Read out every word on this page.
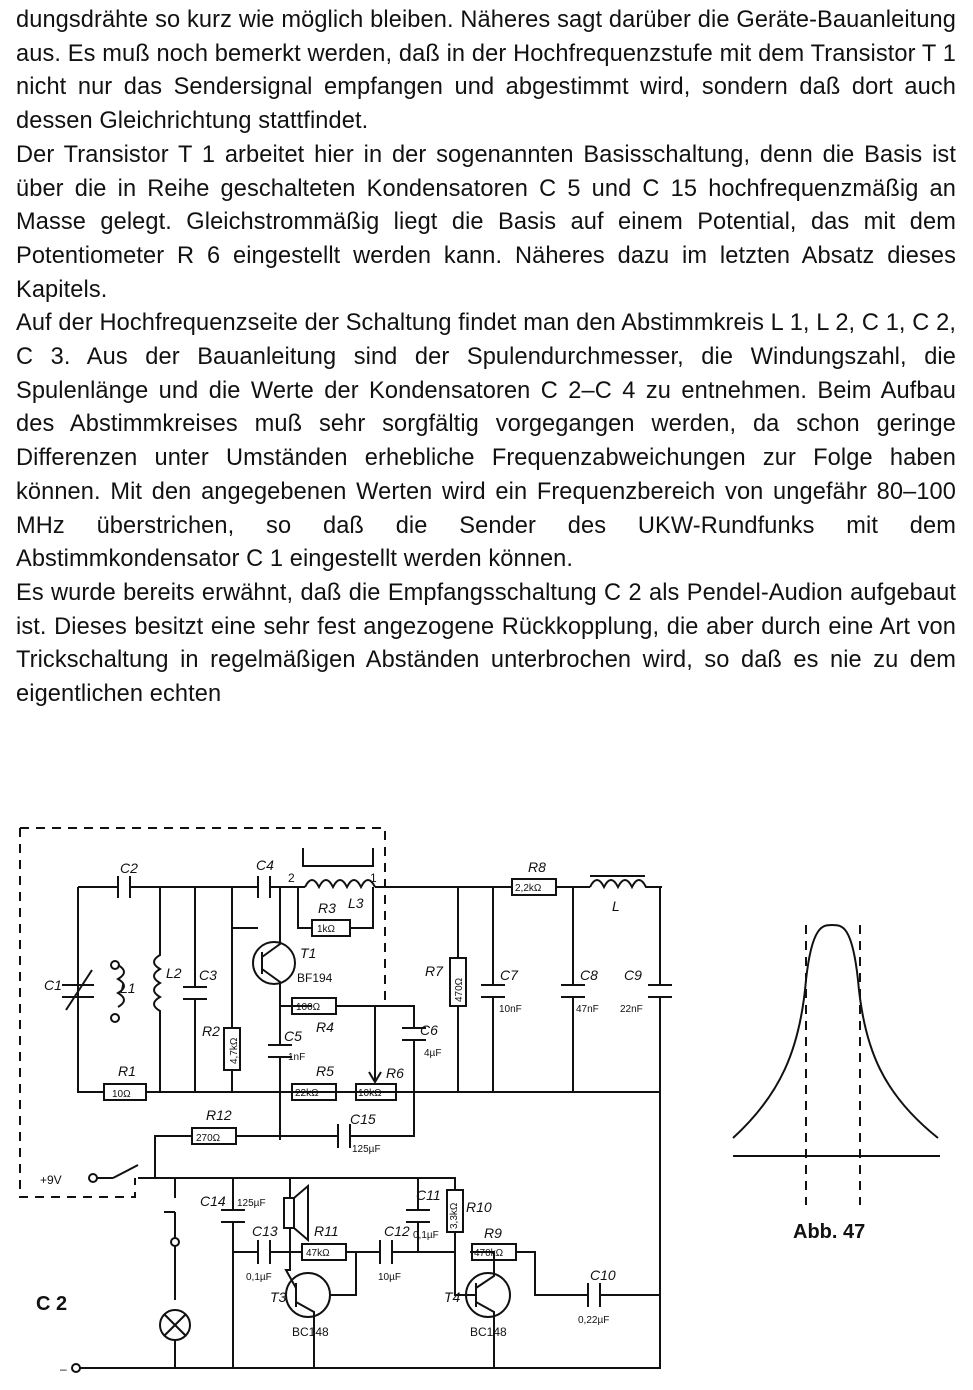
dungsdrähte so kurz wie möglich bleiben. Näheres sagt darüber die Geräte-Bauanleitung aus. Es muß noch bemerkt werden, daß in der Hochfrequenzstufe mit dem Transistor T 1 nicht nur das Sendersignal empfangen und abgestimmt wird, sondern daß dort auch dessen Gleichrichtung stattfindet.

Der Transistor T 1 arbeitet hier in der sogenannten Basisschaltung, denn die Basis ist über die in Reihe geschalteten Kondensatoren C 5 und C 15 hochfrequenzmäßig an Masse gelegt. Gleichstrommäßig liegt die Basis auf einem Potential, das mit dem Potentiometer R 6 eingestellt werden kann. Näheres dazu im letzten Absatz dieses Kapitels.

Auf der Hochfrequenzseite der Schaltung findet man den Abstimmkreis L 1, L 2, C 1, C 2, C 3. Aus der Bauanleitung sind der Spulendurchmesser, die Windungszahl, die Spulenlänge und die Werte der Kondensatoren C 2–C 4 zu entnehmen. Beim Aufbau des Abstimmkreises muß sehr sorgfältig vorgegangen werden, da schon geringe Differenzen unter Umständen erhebliche Frequenzabweichungen zur Folge haben können. Mit den angegebenen Werten wird ein Frequenzbereich von ungefähr 80–100 MHz überstrichen, so daß die Sender des UKW-Rundfunks mit dem Abstimmkondensator C 1 eingestellt werden können.

Es wurde bereits erwähnt, daß die Empfangsschaltung C 2 als Pendel-Audion aufgebaut ist. Dieses besitzt eine sehr fest angezogene Rückkopplung, die aber durch eine Art von Trickschaltung in regelmäßigen Abständen unterbrochen wird, so daß es nie zu dem eigentlichen echten

C2	C4
2	1
L3
R3
1kΩ
R8
2,2kΩ
L
C1	L1
L2 C3
T1
BF194
100Ω
R4
R2
4,7kΩ
C5
1nF
C6
4µF
R5
22kΩ
R6
10kΩ
R7
470Ω
C7
10nF
C8
47nF
C9
22nF
R1
10Ω
R12
270Ω
C15
125µF
+9V
C14 125µF
C13
0,1µF
R11
47kΩ
C12
10µF
C11
0,1µF
3,3kΩ R10
R9
470kΩ
C10
0,22µF
T3
BC148
T4
BC148
C 2
–
Abb. 47
